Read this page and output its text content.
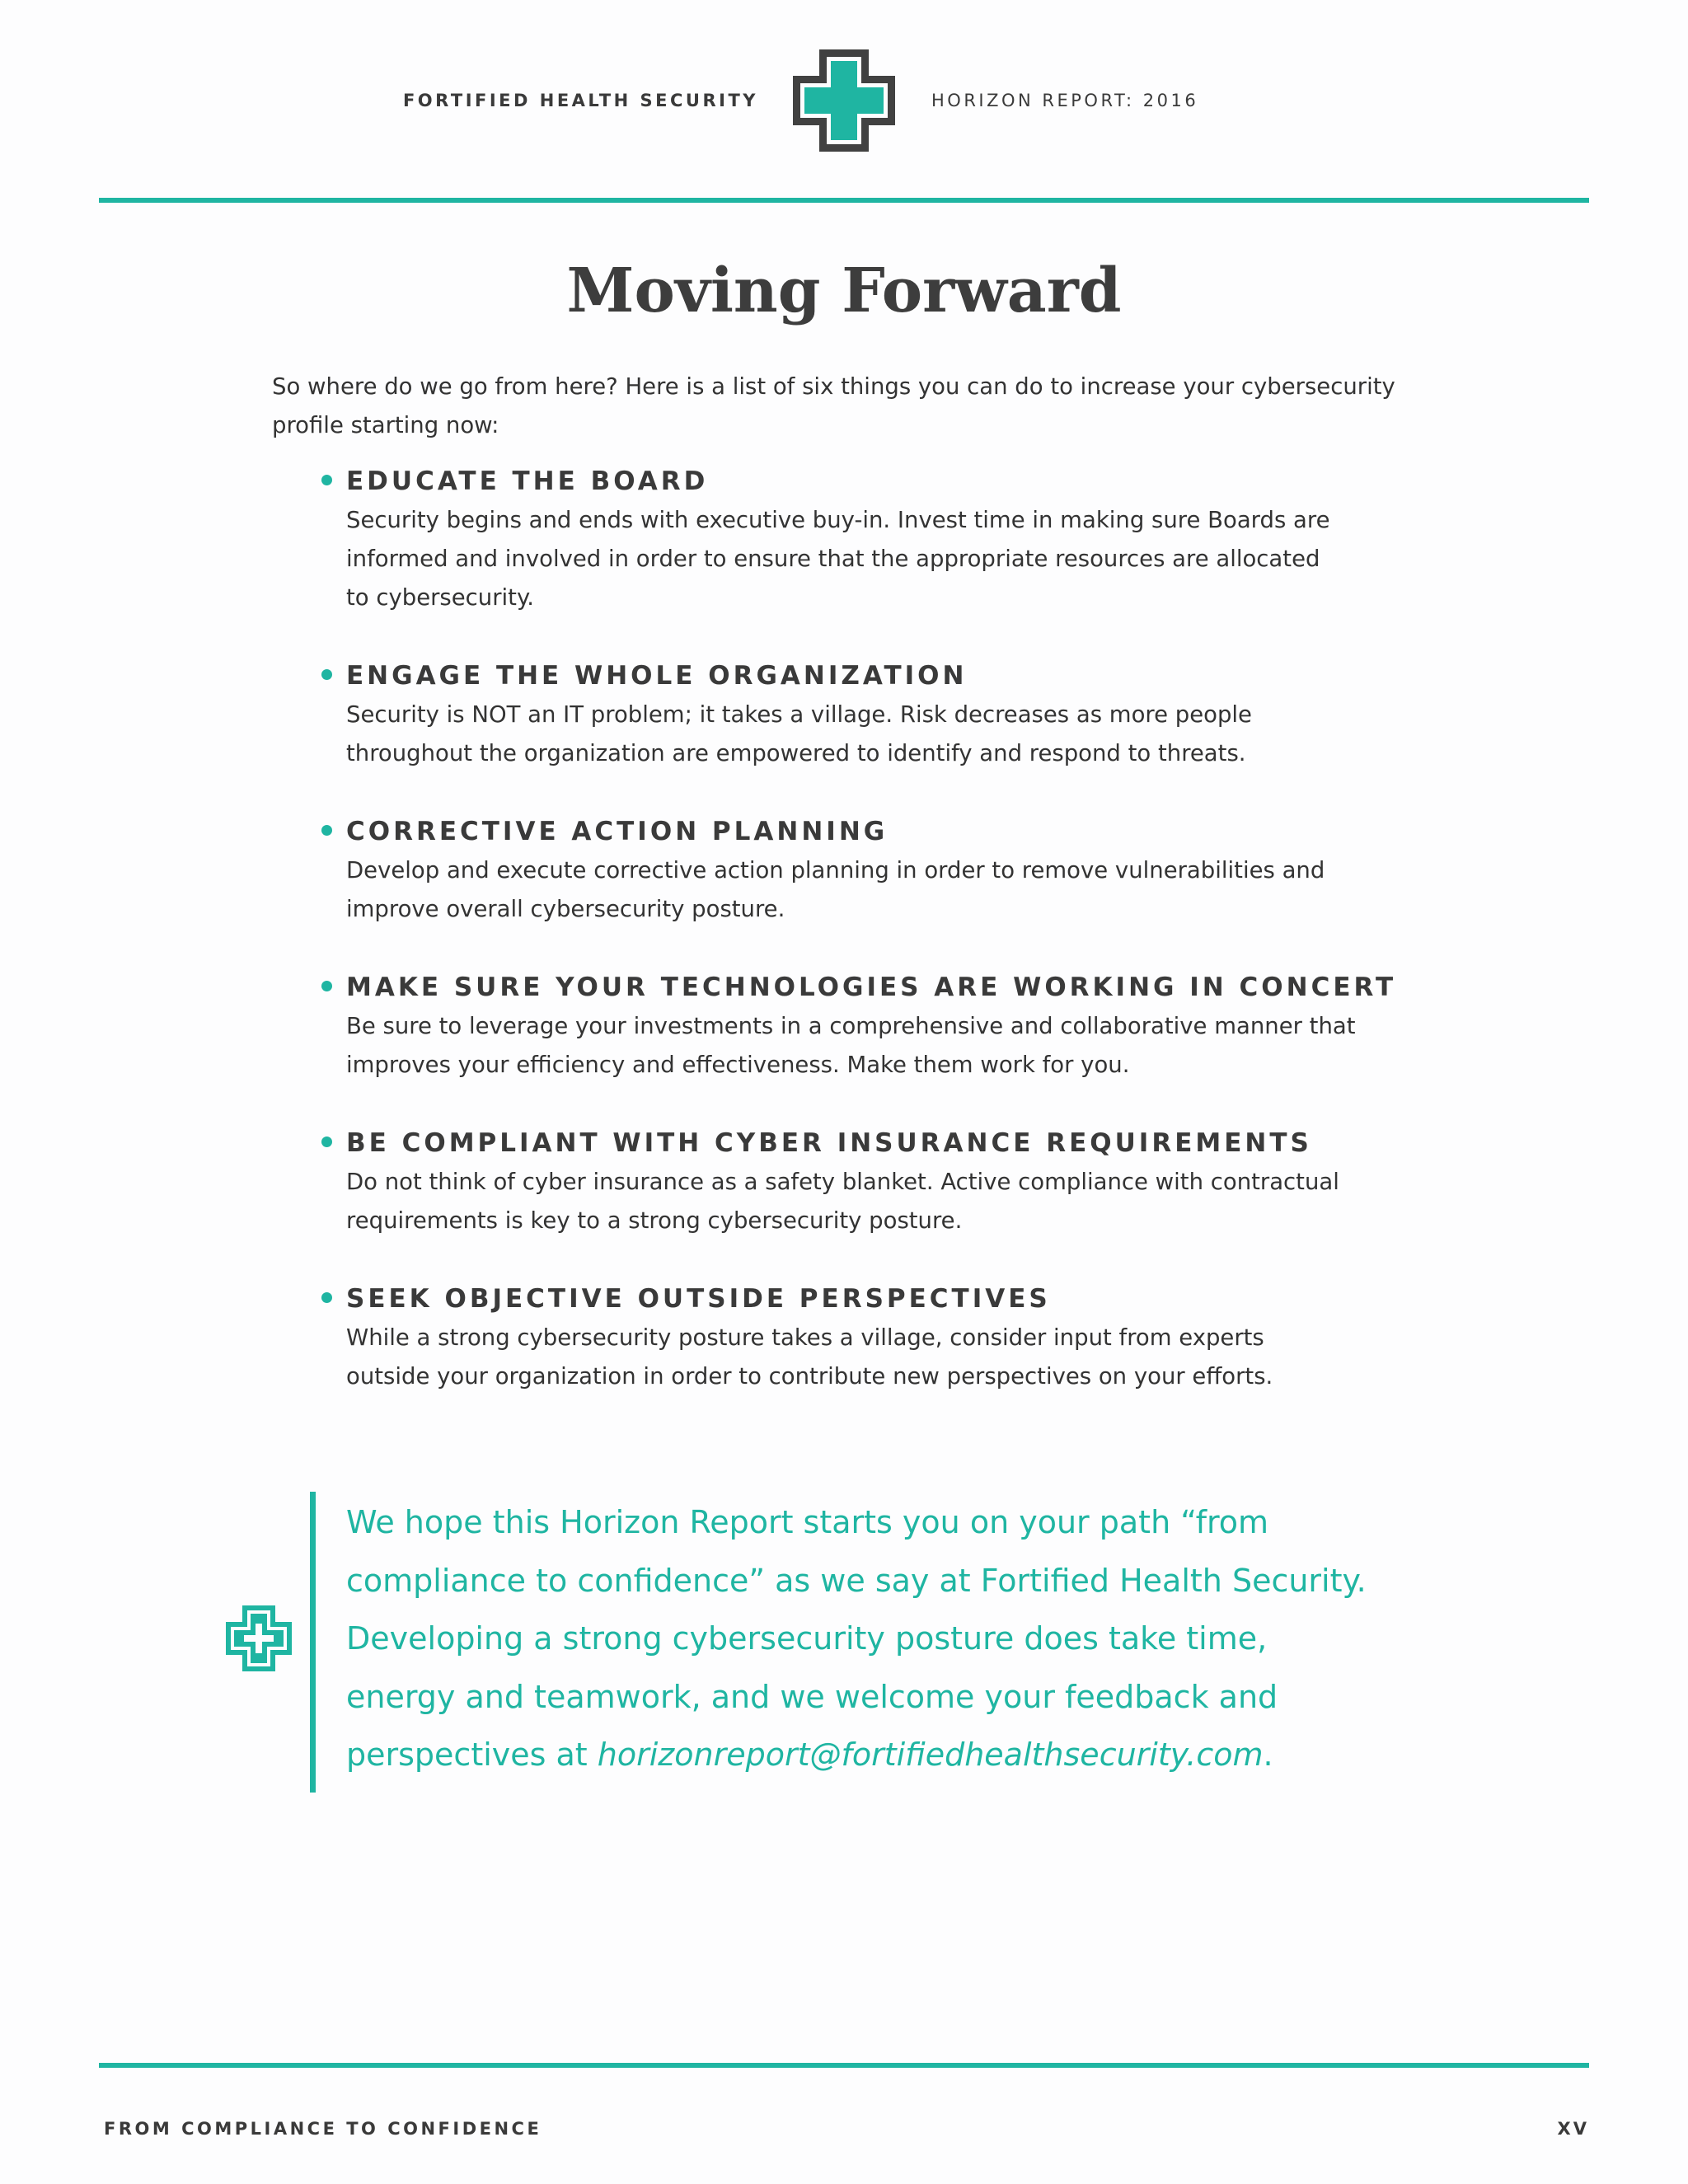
FORTIFIED HEALTH SECURITY	HORIZON REPORT: 2016
Moving Forward
So where do we go from here? Here is a list of six things you can do to increase your cybersecurity profile starting now:
EDUCATE THE BOARD
Security begins and ends with executive buy-in. Invest time in making sure Boards are
informed and involved in order to ensure that the appropriate resources are allocated
to cybersecurity.
ENGAGE THE WHOLE ORGANIZATION
Security is NOT an IT problem; it takes a village. Risk decreases as more people
throughout the organization are empowered to identify and respond to threats.
CORRECTIVE ACTION PLANNING
Develop and execute corrective action planning in order to remove vulnerabilities and
improve overall cybersecurity posture.
MAKE SURE YOUR TECHNOLOGIES ARE WORKING IN CONCERT
Be sure to leverage your investments in a comprehensive and collaborative manner that
improves your efficiency and effectiveness. Make them work for you.
BE COMPLIANT WITH CYBER INSURANCE REQUIREMENTS
Do not think of cyber insurance as a safety blanket. Active compliance with contractual
requirements is key to a strong cybersecurity posture.
SEEK OBJECTIVE OUTSIDE PERSPECTIVES
While a strong cybersecurity posture takes a village, consider input from experts
outside your organization in order to contribute new perspectives on your efforts.
We hope this Horizon Report starts you on your path “from
compliance to confidence” as we say at Fortified Health Security.
Developing a strong cybersecurity posture does take time,
energy and teamwork, and we welcome your feedback and
perspectives at horizonreport@fortifiedhealthsecurity.com.
FROM COMPLIANCE TO CONFIDENCE	XV
